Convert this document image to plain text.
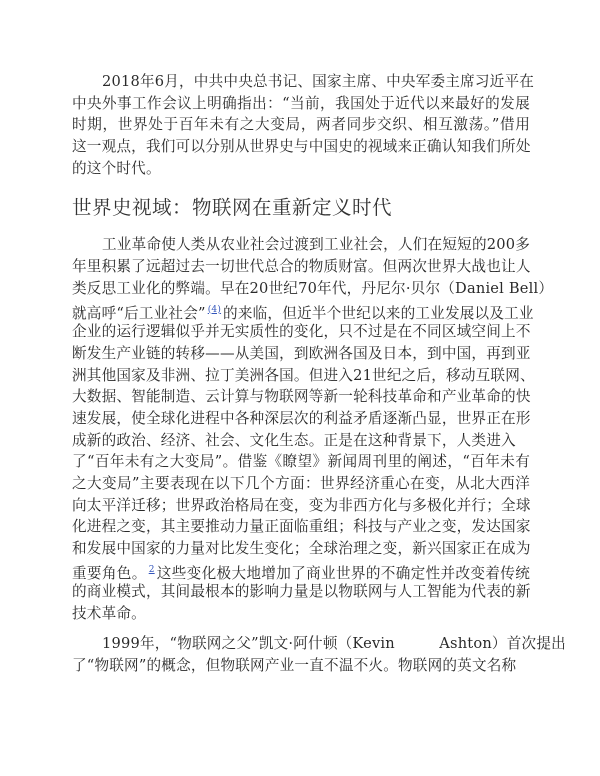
2018年6月，中共中央总书记、国家主席、中央军委主席习近平在
中央外事工作会议上明确指出：“当前，我国处于近代以来最好的发展
时期，世界处于百年未有之大变局，两者同步交织、相互激荡。”借用
这一观点，我们可以分别从世界史与中国史的视域来正确认知我们所处
的这个时代。
世界史视域：物联网在重新定义时代
工业革命使人类从农业社会过渡到工业社会，人们在短短的200多
年里积累了远超过去一切世代总合的物质财富。但两次世界大战也让人
类反思工业化的弊端。早在20世纪70年代，丹尼尔·贝尔（Daniel Bell）
就高呼“后工业社会” $^{(4)}$ 的来临，但近半个世纪以来的工业发展以及工业
企业的运行逻辑似乎并无实质性的变化，只不过是在不同区域空间上不
断发生产业链的转移——从美国，到欧洲各国及日本，到中国，再到亚
洲其他国家及非洲、拉丁美洲各国。但进入21世纪之后，移动互联网、
大数据、智能制造、云计算与物联网等新一轮科技革命和产业革命的快
速发展，使全球化进程中各种深层次的利益矛盾逐渐凸显，世界正在形
成新的政治、经济、社会、文化生态。正是在这种背景下，人类进入
了“百年未有之大变局”。借鉴《瞭望》新闻周刊里的阐述，“百年未有
之大变局”主要表现在以下几个方面：世界经济重心在变，从北大西洋
向太平洋迁移；世界政治格局在变，变为非西方化与多极化并行；全球
化进程之变，其主要推动力量正面临重组；科技与产业之变，发达国家
和发展中国家的力量对比发生变化；全球治理之变，新兴国家正在成为
重要角色。 $^2$ 这些变化极大地增加了商业世界的不确定性并改变着传统
的商业模式，其间最根本的影响力量是以物联网与人工智能为代表的新
技术革命。
1999年，“物联网之父”凯文·阿什顿（Kevin　　　Ashton）首次提出
了“物联网”的概念，但物联网产业一直不温不火。物联网的英文名称
